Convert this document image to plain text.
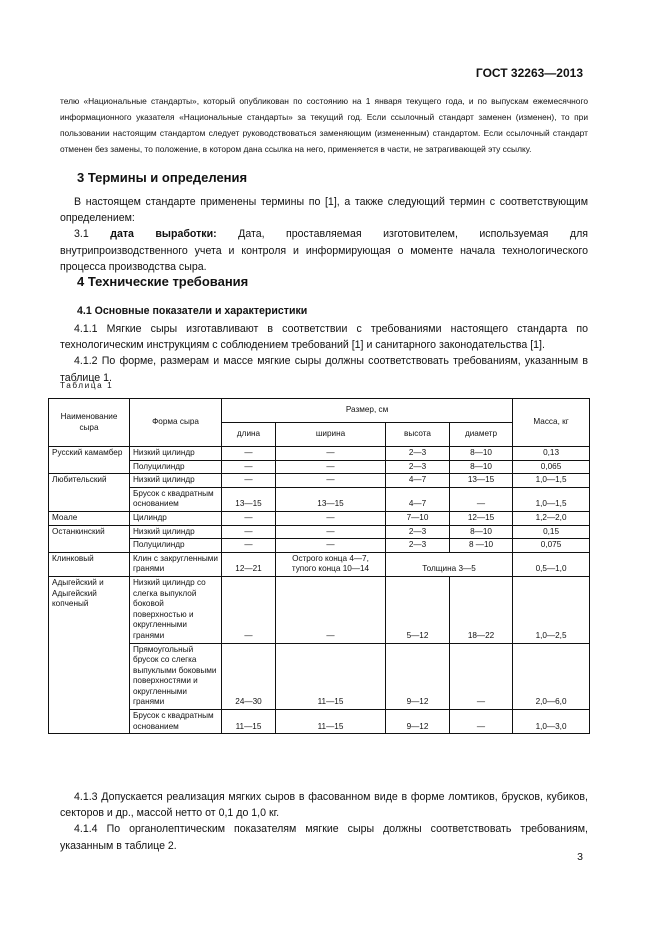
ГОСТ 32263—2013

телю «Национальные стандарты», который опубликован по состоянию на 1 января текущего года, и по выпускам ежемесячного информационного указателя «Национальные стандарты» за текущий год. Если ссылочный стандарт заменен (изменен), то при пользовании настоящим стандартом следует руководствоваться заменяющим (измененным) стандартом. Если ссылочный стандарт отменен без замены, то положение, в котором дана ссылка на него, применяется в части, не затрагивающей эту ссылку.

3 Термины и определения

В настоящем стандарте применены термины по [1], а также следующий термин с соответствующим определением:

3.1 дата выработки: Дата, проставляемая изготовителем, используемая для внутрипроизводственного учета и контроля и информирующая о моменте начала технологического процесса производства сыра.

4 Технические требования
4.1 Основные показатели и характеристики

4.1.1 Мягкие сыры изготавливают в соответствии с требованиями настоящего стандарта по технологическим инструкциям с соблюдением требований [1] и санитарного законодательства [1].

4.1.2 По форме, размерам и массе мягкие сыры должны соответствовать требованиям, указанным в таблице 1.

Таблица 1
Наименование сыра	Форма сыра	Размер, см				Масса, кг
		длина	ширина	высота	диаметр	
Русский камамбер	Низкий цилиндр	—	—	2—3	8—10	0,13
	Полуцилиндр	—	—	2—3	8—10	0,065
Любительский	Низкий цилиндр	—	—	4—7	13—15	1,0—1,5
	Брусок с квадратным основанием	13—15	13—15	4—7	—	1,0—1,5
Моале	Цилиндр	—	—	7—10	12—15	1,2—2,0
Останкинский	Низкий цилиндр	—	—	2—3	8—10	0,15
	Полуцилиндр	—	—	2—3	8 —10	0,075
Клинковый	Клин с закругленными гранями	12—21	Острого конца 4—7, тупого конца 10—14	Толщина 3—5		0,5—1,0
Адыгейский и Адыгейский копченый	Низкий цилиндр со слегка выпуклой боковой поверхностью и округленными гранями	—	—	5—12	18—22	1,0—2,5
	Прямоугольный брусок со слегка выпуклыми боковыми поверхностями и округленными гранями	24—30	11—15	9—12	—	2,0—6,0
	Брусок с квадратным основанием	11—15	11—15	9—12	—	1,0—3,0

4.1.3 Допускается реализация мягких сыров в фасованном виде в форме ломтиков, брусков, кубиков, секторов и др., массой нетто от 0,1 до 1,0 кг.

4.1.4 По органолептическим показателям мягкие сыры должны соответствовать требованиям, указанным в таблице 2.

3
